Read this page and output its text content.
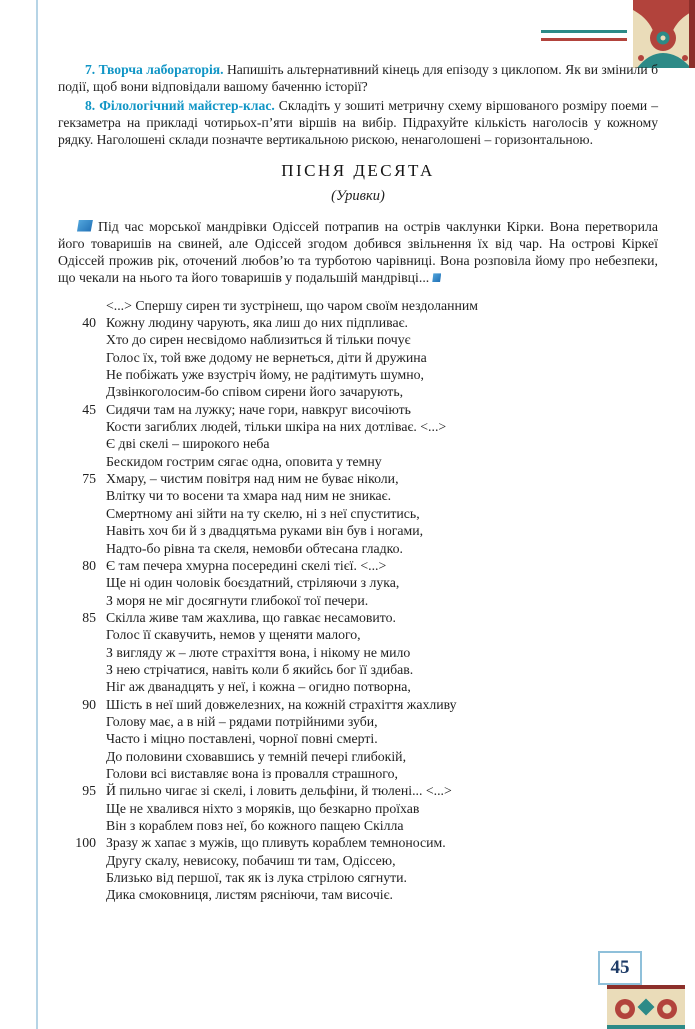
7. Творча лабораторія. Напишіть альтернативний кінець для епізоду з циклопом. Як ви змінили б події, щоб вони відповідали вашому баченню історії?

8. Філологічний майстер-клас. Складіть у зошиті метричну схему віршованого розміру поеми – гекзаметра на прикладі чотирьох-п’яти віршів на вибір. Підрахуйте кількість наголосів у кожному рядку. Наголошені склади позначте вертикальною рискою, ненаголошені – горизонтальною.

ПІСНЯ ДЕСЯТА
(Уривки)

Під час морської мандрівки Одіссей потрапив на острів чаклунки Кірки. Вона перетворила його товаришів на свиней, але Одіссей згодом добився звільнення їх від чар. На острові Кіркеї Одіссей прожив рік, оточений любов’ю та турботою чарівниці. Вона розповіла йому про небезпеки, що чекали на нього та його товаришів у подальшій мандрівці...

<...> Спершу сирен ти зустрінеш, що чаром своїм нездоланним
40 Кожну людину чарують, яка лиш до них підпливає.
Хто до сирен несвідомо наблизиться й тільки почує
Голос їх, той вже додому не вернеться, діти й дружина
Не побіжать уже взустріч йому, не радітимуть шумно,
Дзвінкоголосим-бо співом сирени його зачарують,
45 Сидячи там на лужку; наче гори, навкруг височіють
Кости загиблих людей, тільки шкіра на них дотліває. <...>
Є дві скелі – широкого неба
Бескидом гострим сягає одна, оповита у темну
75 Хмару, – чистим повітря над ним не буває ніколи,
Влітку чи то восени та хмара над ним не зникає.
Смертному ані зійти на ту скелю, ні з неї спуститись,
Навіть хоч би й з двадцятьма руками він був і ногами,
Надто-бо рівна та скеля, немовби обтесана гладко.
80 Є там печера хмурна посередині скелі тієї. <...>
Ще ні один чоловік боєздатний, стріляючи з лука,
З моря не міг досягнути глибокої тої печери.
85 Скілла живе там жахлива, що гавкає несамовито.
Голос її скавучить, немов у щеняти малого,
З вигляду ж – люте страхіття вона, і нікому не мило
З нею стрічатися, навіть коли б якийсь бог її здибав.
Ніг аж дванадцять у неї, і кожна – огидно потворна,
90 Шість в неї ший довжелезних, на кожній страхіття жахливу
Голову має, а в ній – рядами потрійними зуби,
Часто і міцно поставлені, чорної повні смерті.
До половини сховавшись у темній печері глибокій,
Голови всі виставляє вона із провалля страшного,
95 Й пильно чигає зі скелі, і ловить дельфіни, й тюлені... <...>
Ще не хвалився ніхто з моряків, що безкарно проїхав
Він з кораблем повз неї, бо кожного пащею Скілла
100 Зразу ж хапає з мужів, що пливуть кораблем темноносим.
Другу скалу, невисоку, побачиш ти там, Одіссею,
Близько від першої, так як із лука стрілою сягнути.
Дика смоковниця, листям рясніючи, там височіє.
45
